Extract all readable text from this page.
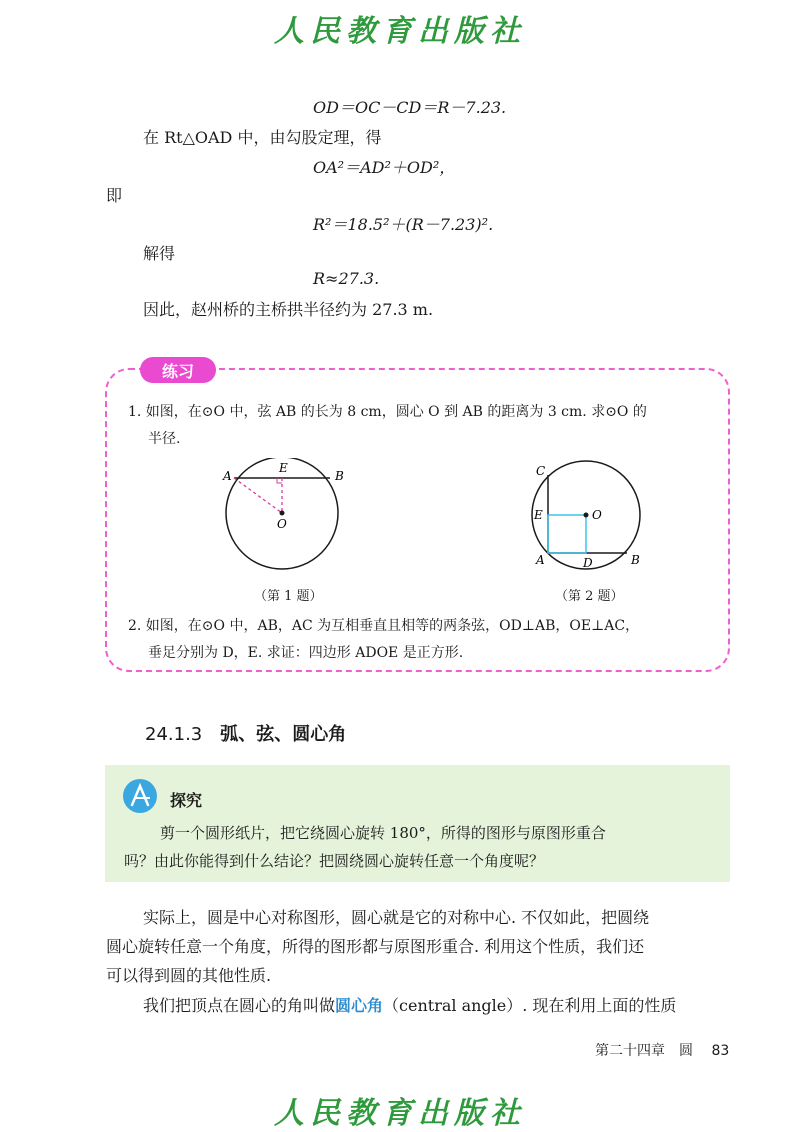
人民教育出版社
OD＝OC－CD＝R－7.23.
在 Rt△OAD 中，由勾股定理，得
OA²＝AD²＋OD²，
即
R²＝18.5²＋(R－7.23)².
解得
R≈27.3.
因此，赵州桥的主桥拱半径约为 27.3 m.
练习
1. 如图，在⊙O 中，弦 AB 的长为 8 cm，圆心 O 到 AB 的距离为 3 cm. 求⊙O 的
半径.
A	B
E
O
（第 1 题）
C
E	O
A	D	B
（第 2 题）
2. 如图，在⊙O 中，AB，AC 为互相垂直且相等的两条弦，OD⊥AB，OE⊥AC，
垂足分别为 D，E. 求证：四边形 ADOE 是正方形.
24.1.3 弧、弦、圆心角
探究
剪一个圆形纸片，把它绕圆心旋转 180°，所得的图形与原图形重合
吗？由此你能得到什么结论？把圆绕圆心旋转任意一个角度呢？
实际上，圆是中心对称图形，圆心就是它的对称中心. 不仅如此，把圆绕
圆心旋转任意一个角度，所得的图形都与原图形重合. 利用这个性质，我们还
可以得到圆的其他性质.
我们把顶点在圆心的角叫做圆心角（central angle）. 现在利用上面的性质
第二十四章　圆 83
人民教育出版社
